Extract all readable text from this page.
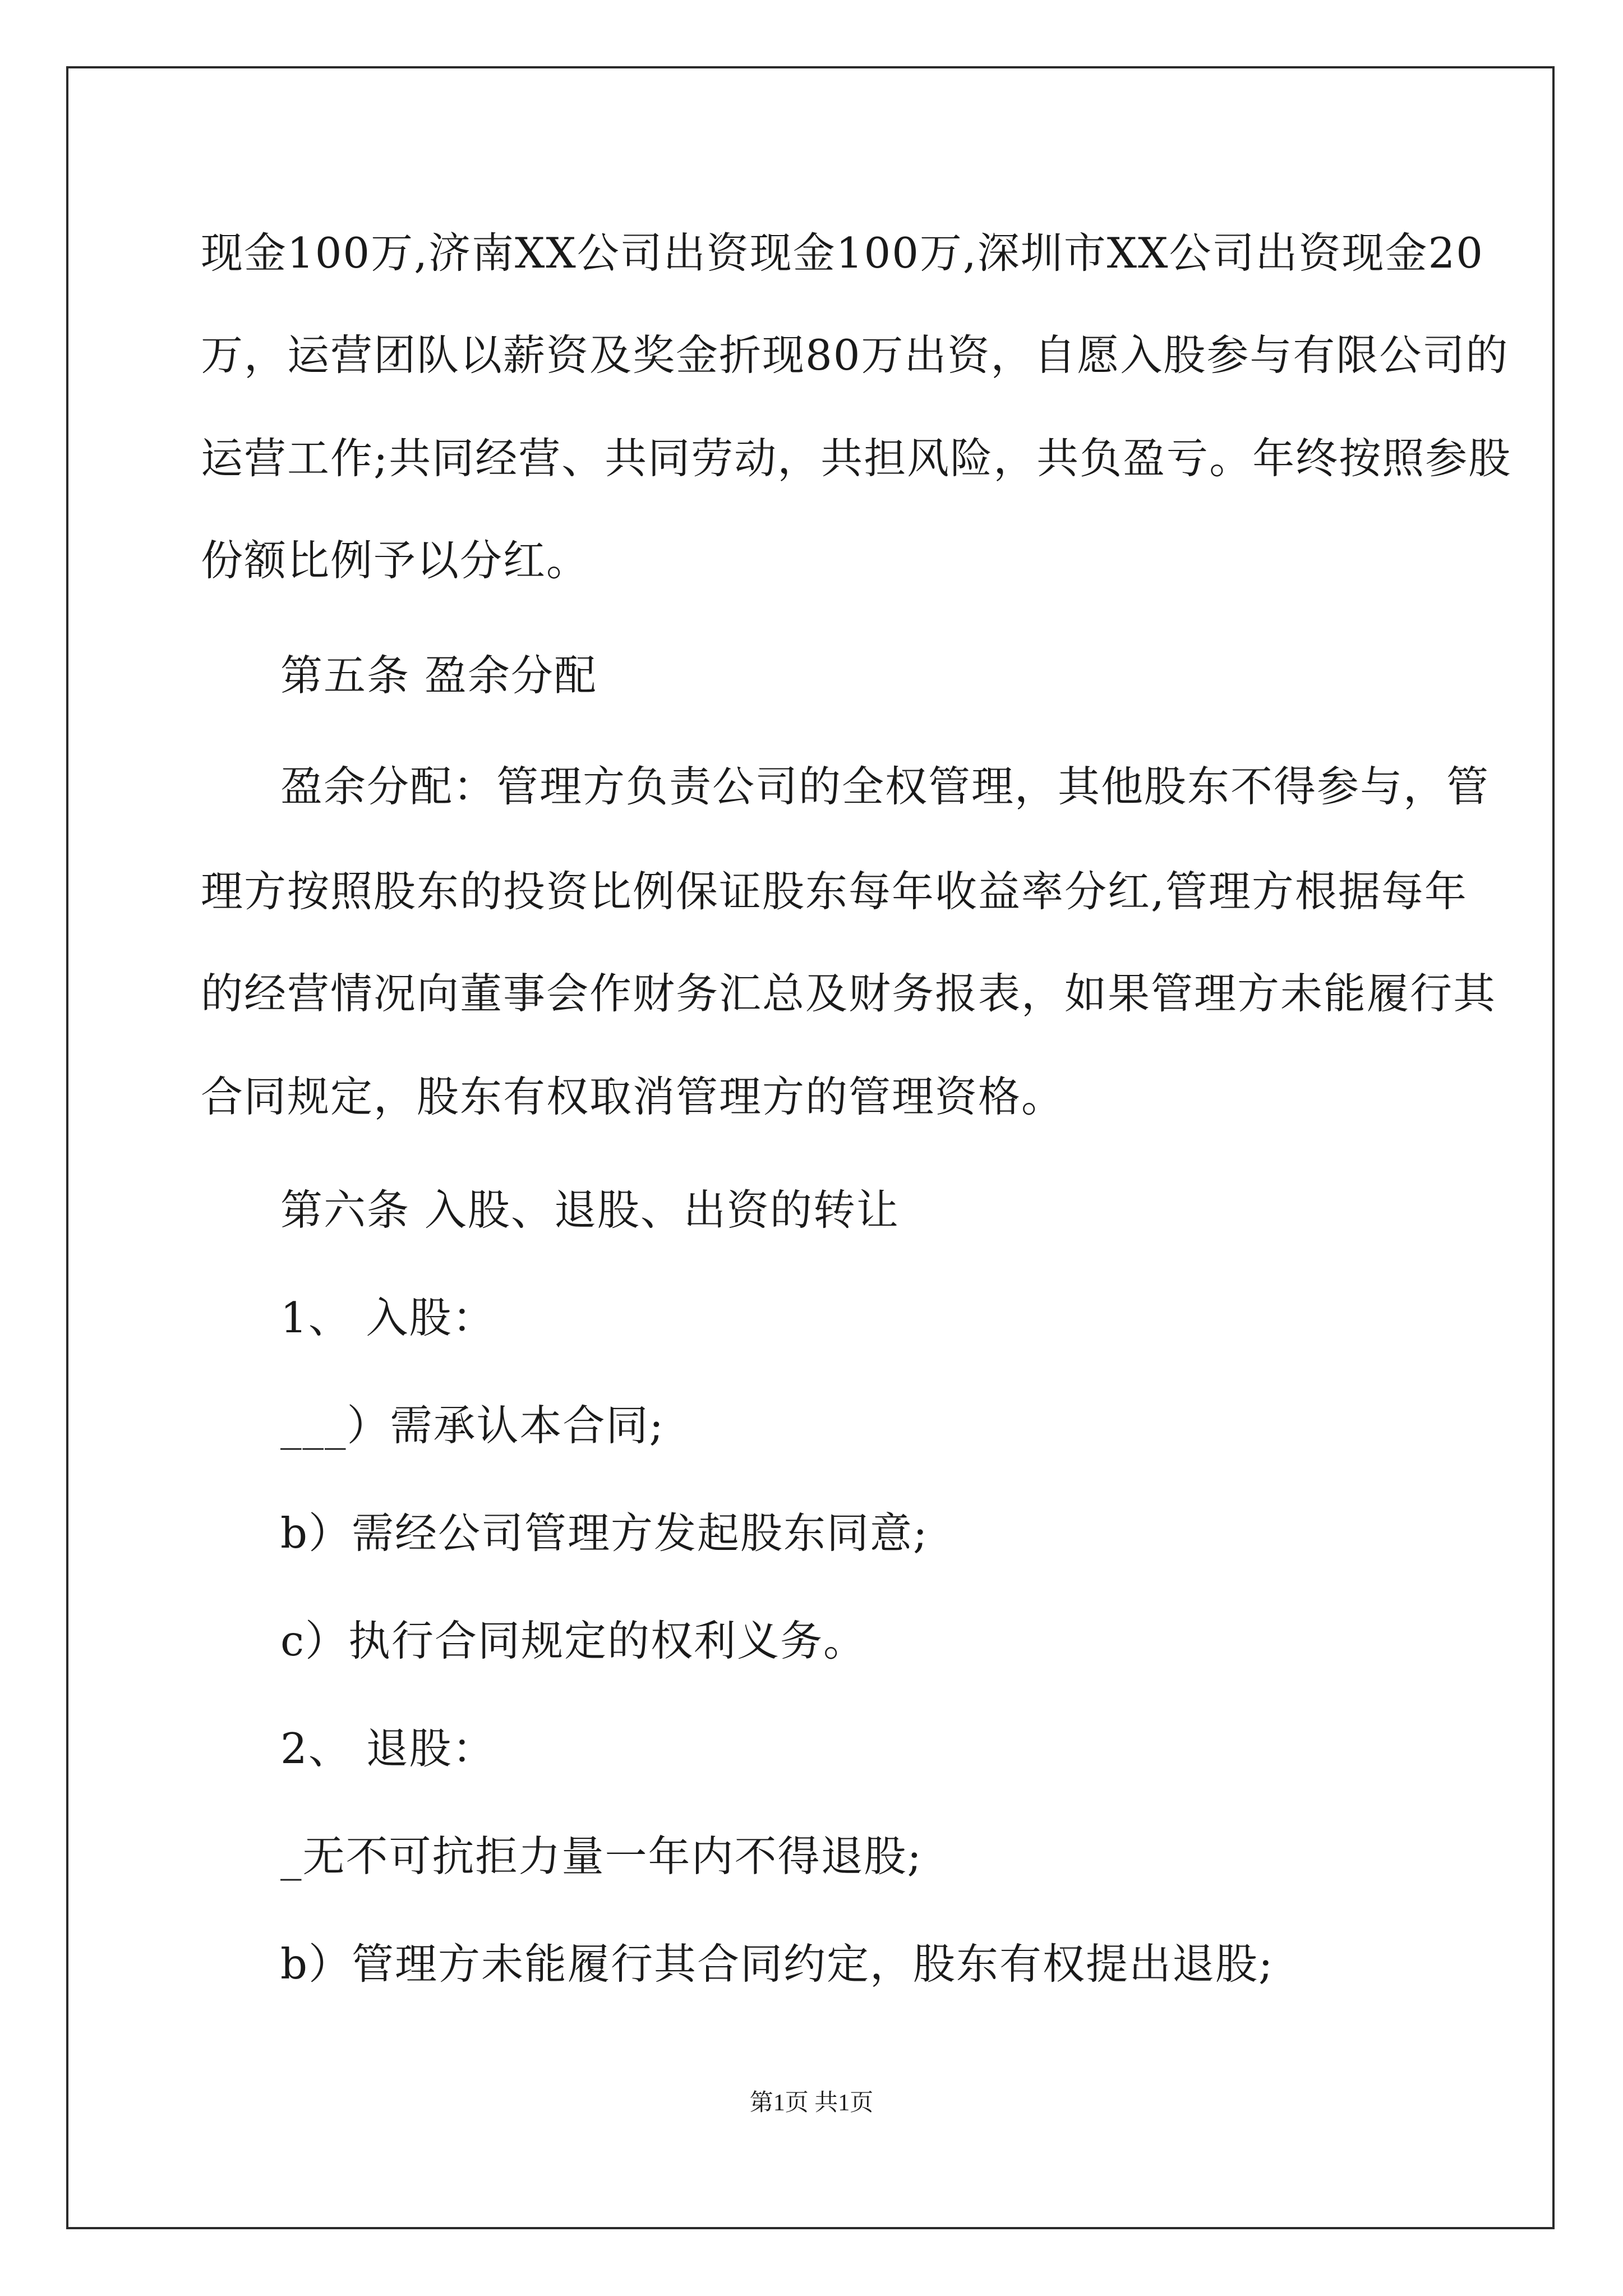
现金100万,济南XX公司出资现金100万,深圳市XX公司出资现金20
万，运营团队以薪资及奖金折现80万出资，自愿入股参与有限公司的
运营工作;共同经营、共同劳动，共担风险，共负盈亏。年终按照参股
份额比例予以分红。
第五条 盈余分配
盈余分配：管理方负责公司的全权管理，其他股东不得参与，管
理方按照股东的投资比例保证股东每年收益率分红,管理方根据每年
的经营情况向董事会作财务汇总及财务报表，如果管理方未能履行其
合同规定，股东有权取消管理方的管理资格。
第六条 入股、退股、出资的转让
1、 入股：
___）需承认本合同;
b）需经公司管理方发起股东同意;
c）执行合同规定的权利义务。
2、 退股：
_无不可抗拒力量一年内不得退股;
b）管理方未能履行其合同约定，股东有权提出退股;
第1页 共1页
